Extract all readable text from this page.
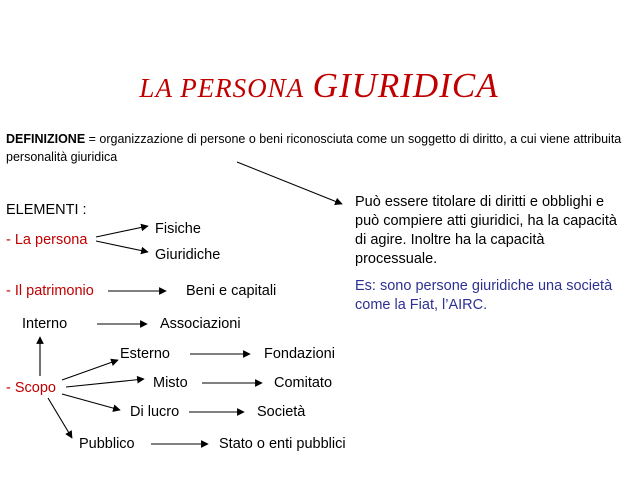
LA PERSONA GIURIDICA
DEFINIZIONE = organizzazione di persone o beni riconosciuta come un soggetto di diritto, a cui viene attribuita personalità giuridica
ELEMENTI :
- La persona
Fisiche
Giuridiche
- Il patrimonio	Beni e capitali
Interno	Associazioni
Esterno	Fondazioni
- Scopo	Misto	Comitato
Di lucro	Società
Pubblico	Stato o enti pubblici

Può essere titolare di diritti e obblighi e può compiere atti giuridici, ha la capacità di agire. Inoltre ha la capacità processuale.

Es: sono persone giuridiche una società come la Fiat, l’AIRC.
